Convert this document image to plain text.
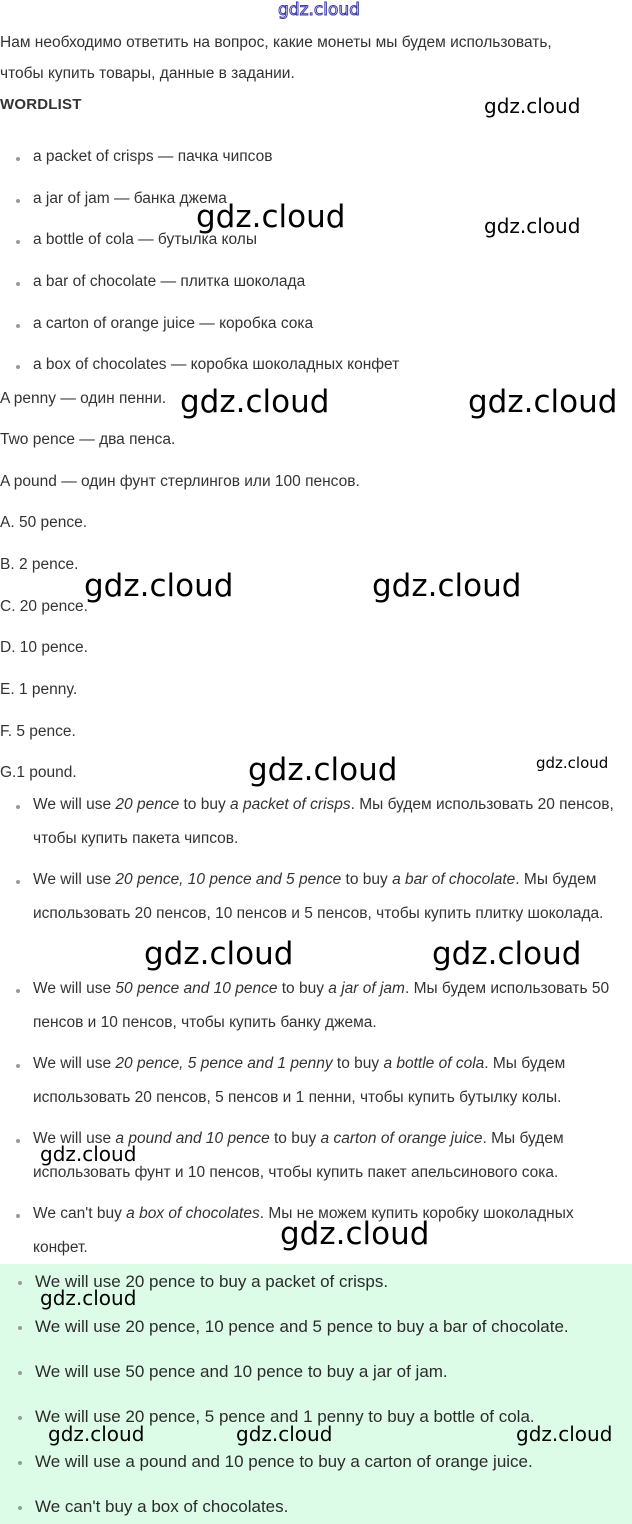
gdz.cloud
Нам необходимо ответить на вопрос, какие монеты мы будем использовать,
чтобы купить товары, данные в задании.
WORDLIST
a packet of crisps — пачка чипсов
a jar of jam — банка джема
a bottle of cola — бутылка колы
a bar of chocolate — плитка шоколада
a carton of orange juice — коробка сока
a box of chocolates — коробка шоколадных конфет
A penny — один пенни.
Two pence — два пенса.
A pound — один фунт стерлингов или 100 пенсов.
A. 50 pence.
B. 2 pence.
C. 20 pence.
D. 10 pence.
E. 1 penny.
F. 5 pence.
G.1 pound.
We will use 20 pence to buy a packet of crisps. Мы будем использовать 20 пенсов, чтобы купить пакета чипсов.
We will use 20 pence, 10 pence and 5 pence to buy a bar of chocolate. Мы будем использовать 20 пенсов, 10 пенсов и 5 пенсов, чтобы купить плитку шоколада.
We will use 50 pence and 10 pence to buy a jar of jam. Мы будем использовать 50 пенсов и 10 пенсов, чтобы купить банку джема.
We will use 20 pence, 5 pence and 1 penny to buy a bottle of cola. Мы будем использовать 20 пенсов, 5 пенсов и 1 пенни, чтобы купить бутылку колы.
We will use a pound and 10 pence to buy a carton of orange juice. Мы будем использовать фунт и 10 пенсов, чтобы купить пакет апельсинового сока.
We can't buy a box of chocolates. Мы не можем купить коробку шоколадных конфет.
We will use 20 pence to buy a packet of crisps.
We will use 20 pence, 10 pence and 5 pence to buy a bar of chocolate.
We will use 50 pence and 10 pence to buy a jar of jam.
We will use 20 pence, 5 pence and 1 penny to buy a bottle of cola.
We will use a pound and 10 pence to buy a carton of orange juice.
We can't buy a box of chocolates.
gdz.cloud
gdz.cloud	gdz.cloud
gdz.cloud	gdz.cloud
gdz.cloud	gdz.cloud
gdz.cloud	gdz.cloud
gdz.cloud	gdz.cloud
gdz.cloud
gdz.cloud
gdz.cloud
gdz.cloud	gdz.cloud	gdz.cloud
